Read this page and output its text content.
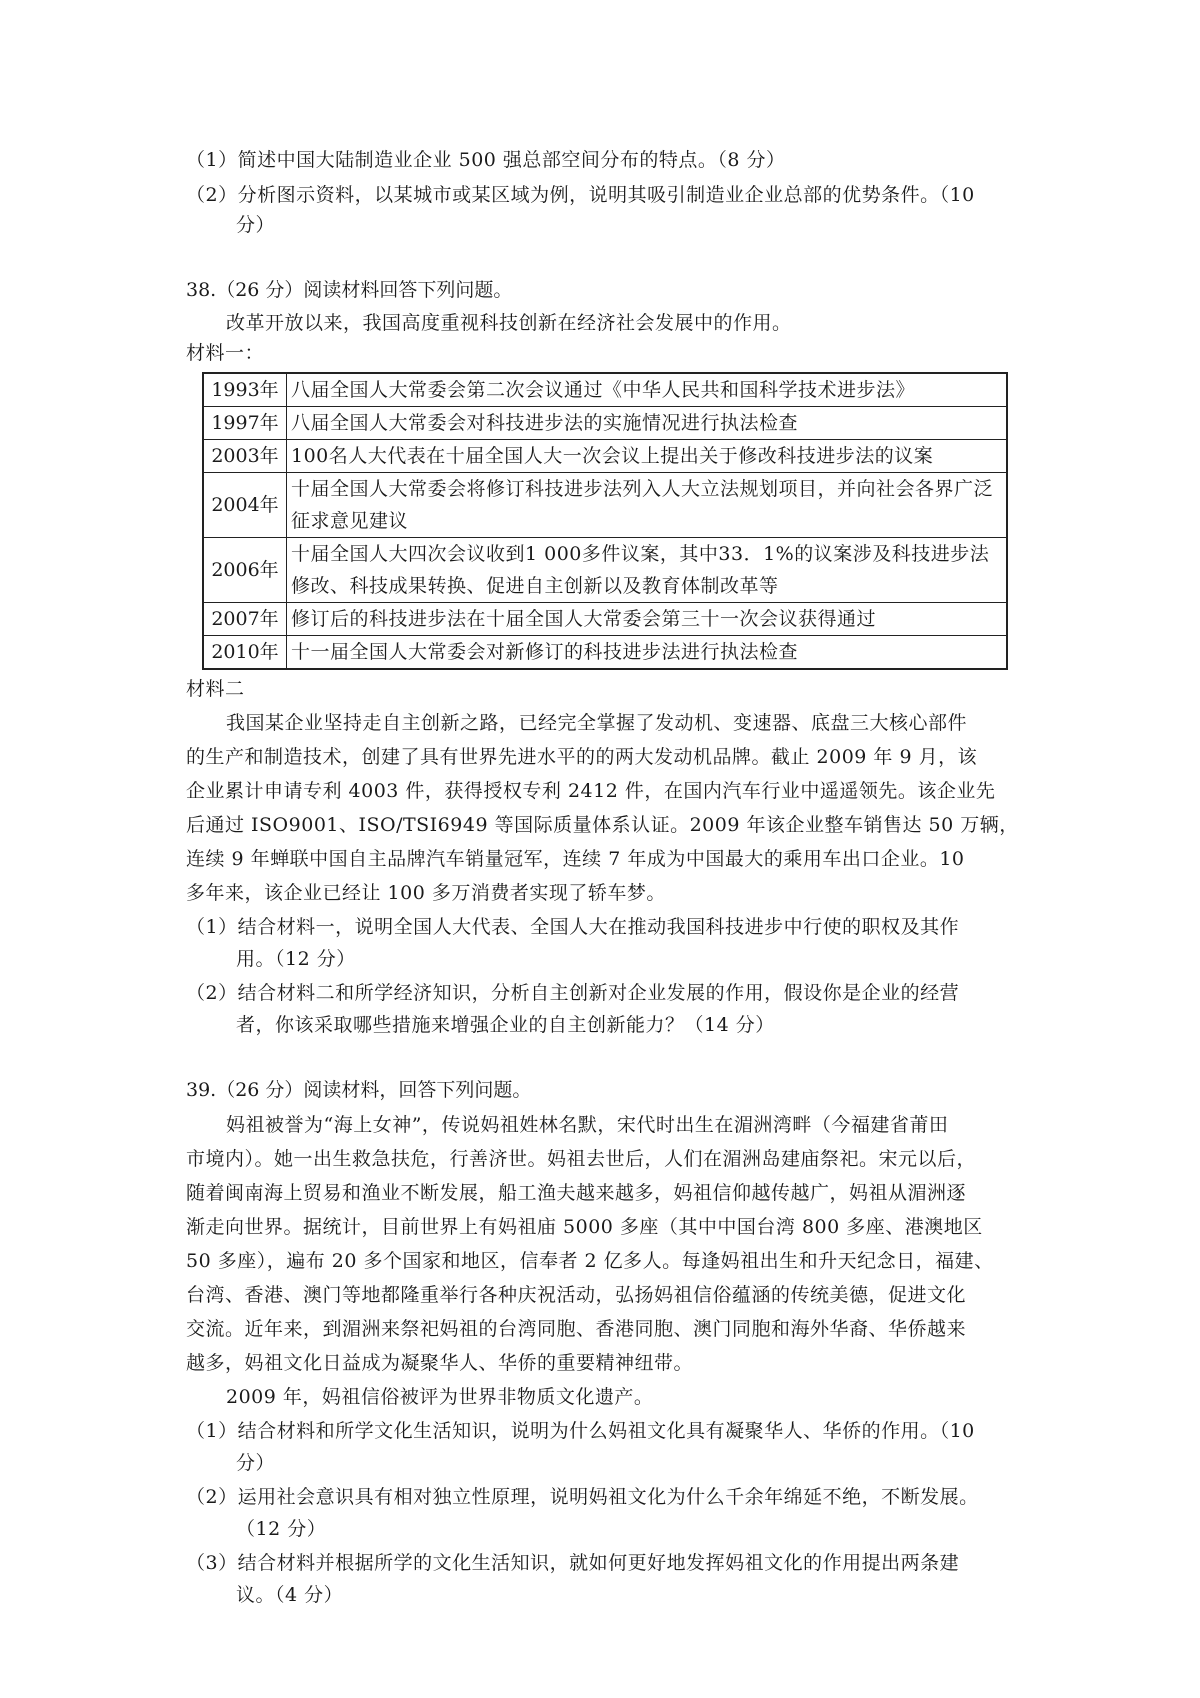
（1）简述中国大陆制造业企业 500 强总部空间分布的特点。（8 分）
（2）分析图示资料，以某城市或某区域为例，说明其吸引制造业企业总部的优势条件。（10
分）
38.（26 分）阅读材料回答下列问题。
改革开放以来，我国高度重视科技创新在经济社会发展中的作用。
材料一：
1993年	八届全国人大常委会第二次会议通过《中华人民共和国科学技术进步法》
1997年	八届全国人大常委会对科技进步法的实施情况进行执法检查
2003年	100名人大代表在十届全国人大一次会议上提出关于修改科技进步法的议案
2004年	十届全国人大常委会将修订科技进步法列入人大立法规划项目，并向社会各界广泛征求意见建议
2006年	十届全国人大四次会议收到1 000多件议案，其中33．1%的议案涉及科技进步法修改、科技成果转换、促进自主创新以及教育体制改革等
2007年	修订后的科技进步法在十届全国人大常委会第三十一次会议获得通过
2010年	十一届全国人大常委会对新修订的科技进步法进行执法检查
材料二
我国某企业坚持走自主创新之路，已经完全掌握了发动机、变速器、底盘三大核心部件
的生产和制造技术，创建了具有世界先进水平的的两大发动机品牌。截止 2009 年 9 月，该
企业累计申请专利 4003 件，获得授权专利 2412 件，在国内汽车行业中遥遥领先。该企业先
后通过 ISO9001、ISO/TSI6949 等国际质量体系认证。2009 年该企业整车销售达 50 万辆，
连续 9 年蝉联中国自主品牌汽车销量冠军，连续 7 年成为中国最大的乘用车出口企业。10
多年来，该企业已经让 100 多万消费者实现了轿车梦。
（1）结合材料一，说明全国人大代表、全国人大在推动我国科技进步中行使的职权及其作
用。（12 分）
（2）结合材料二和所学经济知识，分析自主创新对企业发展的作用，假设你是企业的经营
者，你该采取哪些措施来增强企业的自主创新能力？（14 分）
39.（26 分）阅读材料，回答下列问题。
妈祖被誉为“海上女神”，传说妈祖姓林名默，宋代时出生在湄洲湾畔（今福建省莆田
市境内）。她一出生救急扶危，行善济世。妈祖去世后，人们在湄洲岛建庙祭祀。宋元以后，
随着闽南海上贸易和渔业不断发展，船工渔夫越来越多，妈祖信仰越传越广，妈祖从湄洲逐
渐走向世界。据统计，目前世界上有妈祖庙 5000 多座（其中中国台湾 800 多座、港澳地区
50 多座），遍布 20 多个国家和地区，信奉者 2 亿多人。每逢妈祖出生和升天纪念日，福建、
台湾、香港、澳门等地都隆重举行各种庆祝活动，弘扬妈祖信俗蕴涵的传统美德，促进文化
交流。近年来，到湄洲来祭祀妈祖的台湾同胞、香港同胞、澳门同胞和海外华裔、华侨越来
越多，妈祖文化日益成为凝聚华人、华侨的重要精神纽带。
2009 年，妈祖信俗被评为世界非物质文化遗产。
（1）结合材料和所学文化生活知识，说明为什么妈祖文化具有凝聚华人、华侨的作用。（10
分）
（2）运用社会意识具有相对独立性原理，说明妈祖文化为什么千余年绵延不绝，不断发展。
（12 分）
（3）结合材料并根据所学的文化生活知识，就如何更好地发挥妈祖文化的作用提出两条建
议。（4 分）
